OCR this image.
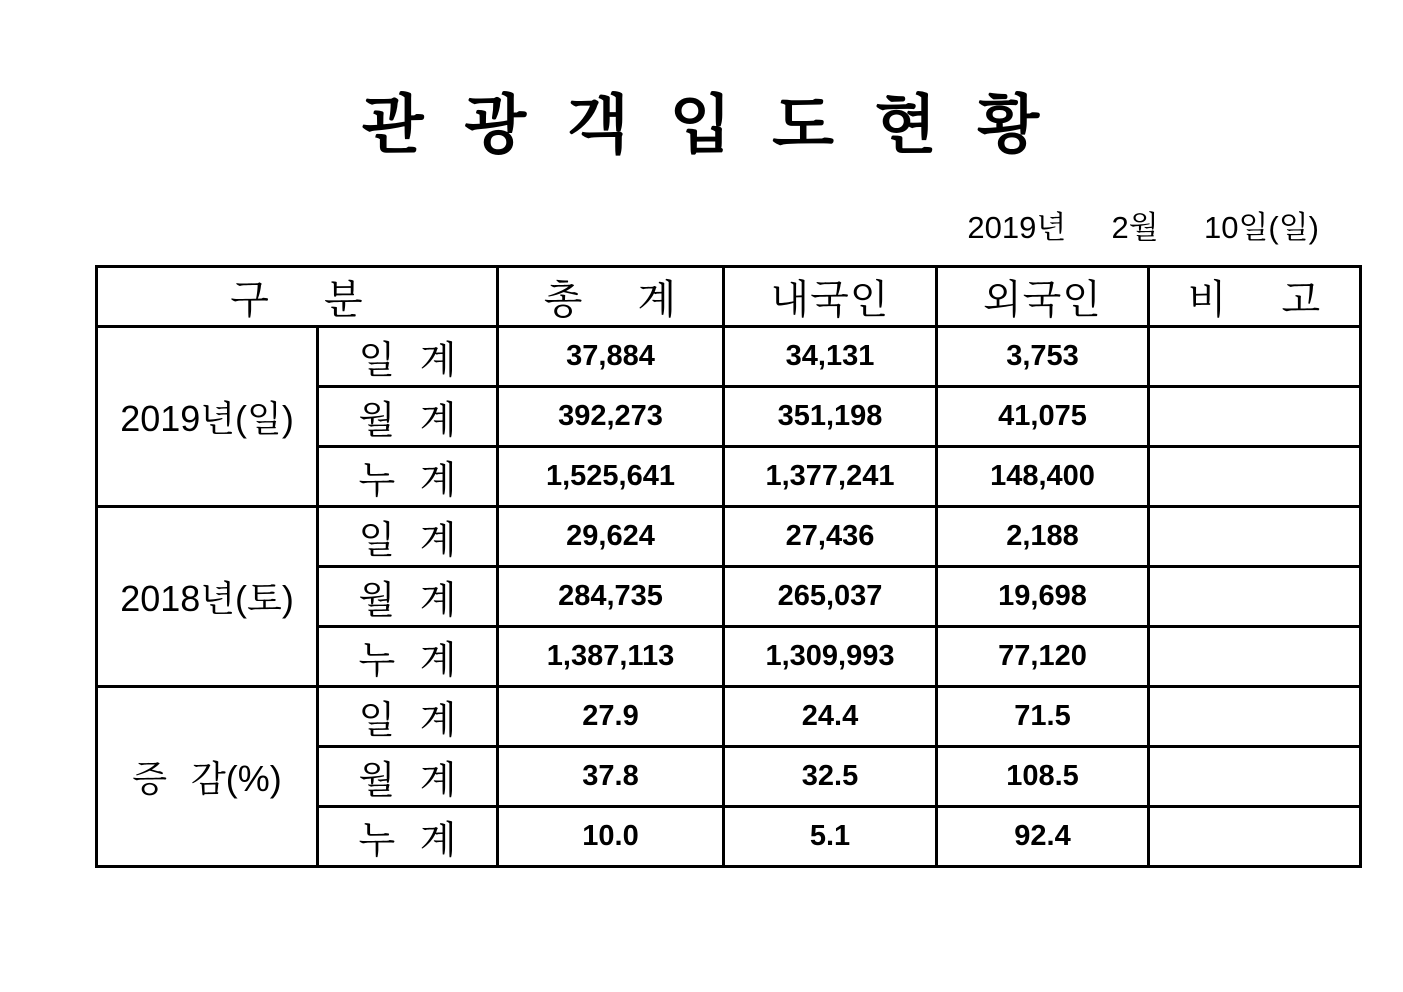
관 광 객 입 도 현 황
2019년  2월  10일(일)
구 분		총 계	내국인	외국인	비 고
2019년(일)	일 계	37,884	34,131	3,753	
	월 계	392,273	351,198	41,075	
	누 계	1,525,641	1,377,241	148,400	
2018년(토)	일 계	29,624	27,436	2,188	
	월 계	284,735	265,037	19,698	
	누 계	1,387,113	1,309,993	77,120	
증 감(%)	일 계	27.9	24.4	71.5	
	월 계	37.8	32.5	108.5	
	누 계	10.0	5.1	92.4	
